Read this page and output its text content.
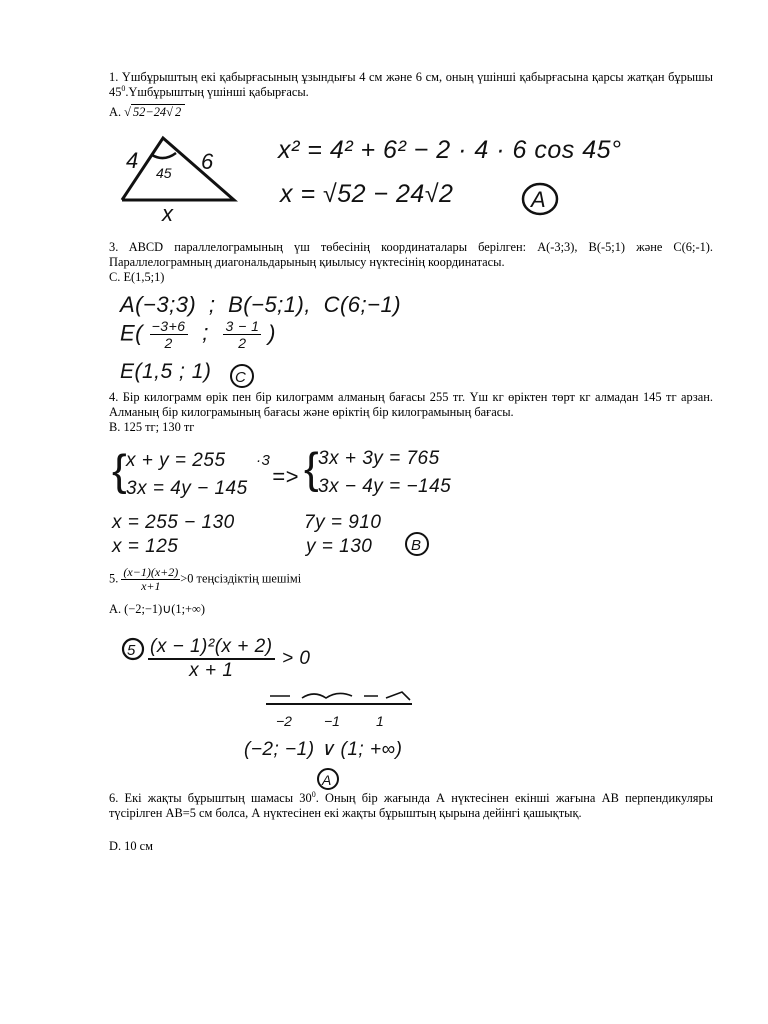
1. Үшбұрыштың екі қабырғасының ұзындығы 4 см және 6 см, оның үшінші қабырғасына қарсы жатқан бұрышы $45^0.Үшбұрыштың$ үшінші қабырғасы.
A. √ 52−24√ 2
4	6
45
x
x² = 4² + 6² − 2 · 4 · 6 cos 45°
x = √52 − 24√2	A
3. ABCD параллелограмының үш төбесінің координаталары берілген: A(-3;3), B(-5;1) және C(6;-1). Параллелограмның диагональдарының қиылысу нүктесінің координатасы.
C. E(1,5;1)
A(−3;3) ; B(−5;1), C(6;−1)
$E( \frac{-3+6}{2}$ ; $\frac{3 - 1}{2}$ )
E(1,5 ; 1) C
4. Бір килограмм өрік пен бір килограмм алманың бағасы 255 тг. Үш кг өріктен төрт кг алмадан 145 тг арзан. Алманың бір килограмының бағасы және өріктің бір килограмының бағасы.
B. 125 тг; 130 тг
{
x + y = 255
3x = 4y − 145
·3
=> {
3x + 3y = 765
3x − 4y = −145
x = 255 − 130
x = 125
7y = 910
y = 130	B
5. $\frac{(x-1)(x+2)}{x+1} >0$ теңсіздіктің шешімі
A. (−2;−1)∪(1;+∞)
$5 \frac{\text{(x − 1)²(x + 2)}}{x + 1} > 0$
−2 −1	1
(−2; −1) ∨ (1; +∞)
A
6. Екі жақты бұрыштың шамасы $30^0$. Оның бір жағында А нүктесінен екінші жағына АВ перпендикуляры түсірілген АВ=5 см болса, А нүктесінен екі жақты бұрыштың қырына дейінгі қашықтық.
D. 10 см
